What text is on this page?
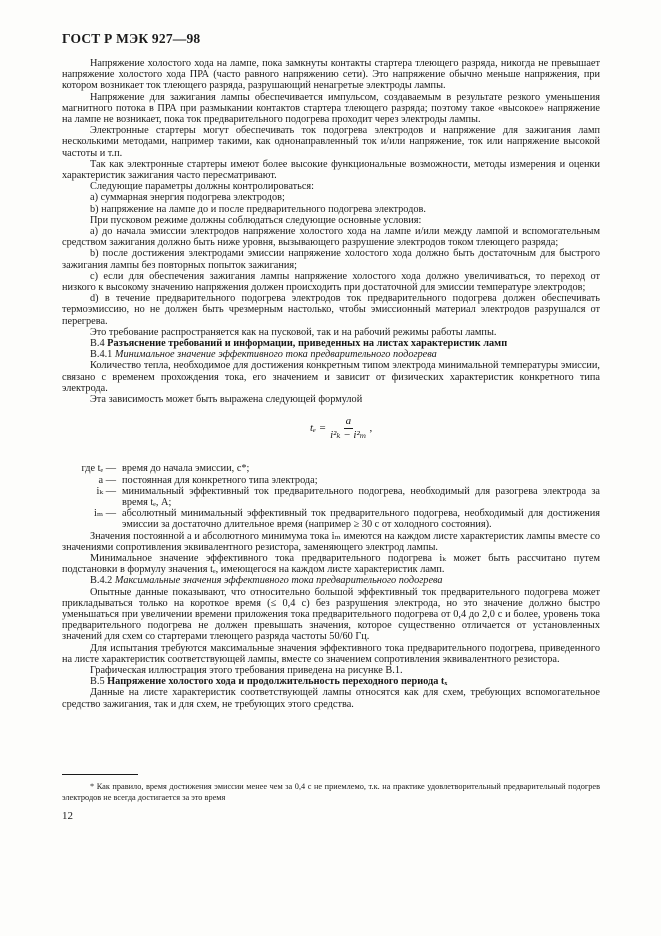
ГОСТ Р МЭК 927—98

Напряжение холостого хода на лампе, пока замкнуты контакты стартера тлеющего разряда, никогда не превышает напряжение холостого хода ПРА (часто равного напряжению сети). Это напряжение обычно меньше напряжения, при котором возникает ток тлеющего разряда, разрушающий ненагретые электроды лампы.

Напряжение для зажигания лампы обеспечивается импульсом, создаваемым в результате резкого уменьшения магнитного потока в ПРА при размыкании контактов стартера тлеющего разряда; поэтому такое «высокое» напряжение на лампе не возникает, пока ток предварительного подогрева проходит через электроды лампы.

Электронные стартеры могут обеспечивать ток подогрева электродов и напряжение для зажигания ламп несколькими методами, например такими, как однонаправленный ток и/или напряжение, ток или напряжение высокой частоты и т.п.

Так как электронные стартеры имеют более высокие функциональные возможности, методы измерения и оценки характеристик зажигания часто пересматривают.

Следующие параметры должны контролироваться:

а) суммарная энергия подогрева электродов;

b) напряжение на лампе до и после предварительного подогрева электродов.

При пусковом режиме должны соблюдаться следующие основные условия:

a) до начала эмиссии электродов напряжение холостого хода на лампе и/или между лампой и вспомогательным средством зажигания должно быть ниже уровня, вызывающего разрушение электродов током тлеющего разряда;

b) после достижения электродами эмиссии напряжение холостого хода должно быть достаточным для быстрого зажигания лампы без повторных попыток зажигания;

c) если для обеспечения зажигания лампы напряжение холостого хода должно увеличиваться, то переход от низкого к высокому значению напряжения должен происходить при достаточной для эмиссии температуре электродов;

d) в течение предварительного подогрева электродов ток предварительного подогрева должен обеспечивать термоэмиссию, но не должен быть чрезмерным настолько, чтобы эмиссионный материал электродов разрушался от перегрева.

Это требование распространяется как на пусковой, так и на рабочий режимы работы лампы.

B.4 Разъяснение требований и информации, приведенных на листах характеристик ламп

B.4.1 Минимальное значение эффективного тока предварительного подогрева

Количество тепла, необходимое для достижения конкретным типом электрода минимальной температуры эмиссии, связано с временем прохождения тока, его значением и зависит от физических характеристик конкретного типа электрода.

Эта зависимость может быть выражена следующей формулой

$t_e = \frac{a}{\text{i²ₖ − i²ₘ}}$ ,
где tₑ — время до начала эмиссии, с*;
a — постоянная для конкретного типа электрода;
iₖ — минимальный эффективный ток предварительного подогрева, необходимый для разогрева электрода за время tₑ, А;
iₘ — абсолютный минимальный эффективный ток предварительного подогрева, необходимый для достижения эмиссии за достаточно длительное время (например ≥ 30 с от холодного состояния).

Значения постоянной a и абсолютного минимума тока iₘ имеются на каждом листе характеристик лампы вместе со значениями сопротивления эквивалентного резистора, заменяющего электрод лампы.

Минимальное значение эффективного тока предварительного подогрева iₖ может быть рассчитано путем подстановки в формулу значения tₑ, имеющегося на каждом листе характеристик ламп.

B.4.2 Максимальные значения эффективного тока предварительного подогрева

Опытные данные показывают, что относительно большой эффективный ток предварительного подогрева может прикладываться только на короткое время (≤ 0,4 с) без разрушения электрода, но это значение должно быстро уменьшаться при увеличении времени приложения тока предварительного подогрева от 0,4 до 2,0 с и более, уровень тока предварительного подогрева не должен превышать значения, которое существенно отличается от установленных значений для схем со стартерами тлеющего разряда частоты 50/60 Гц.

Для испытания требуются максимальные значения эффективного тока предварительного подогрева, приведенного на листе характеристик соответствующей лампы, вместе со значением сопротивления эквивалентного резистора.

Графическая иллюстрация этого требования приведена на рисунке B.1.

B.5 Напряжение холостого хода и продолжительность переходного периода tₓ

Данные на листе характеристик соответствующей лампы относятся как для схем, требующих вспомогательное средство зажигания, так и для схем, не требующих этого средства.

* Как правило, время достижения эмиссии менее чем за 0,4 с не приемлемо, т.к. на практике удовлетворительный предварительный подогрев электродов не всегда достигается за это время
12
